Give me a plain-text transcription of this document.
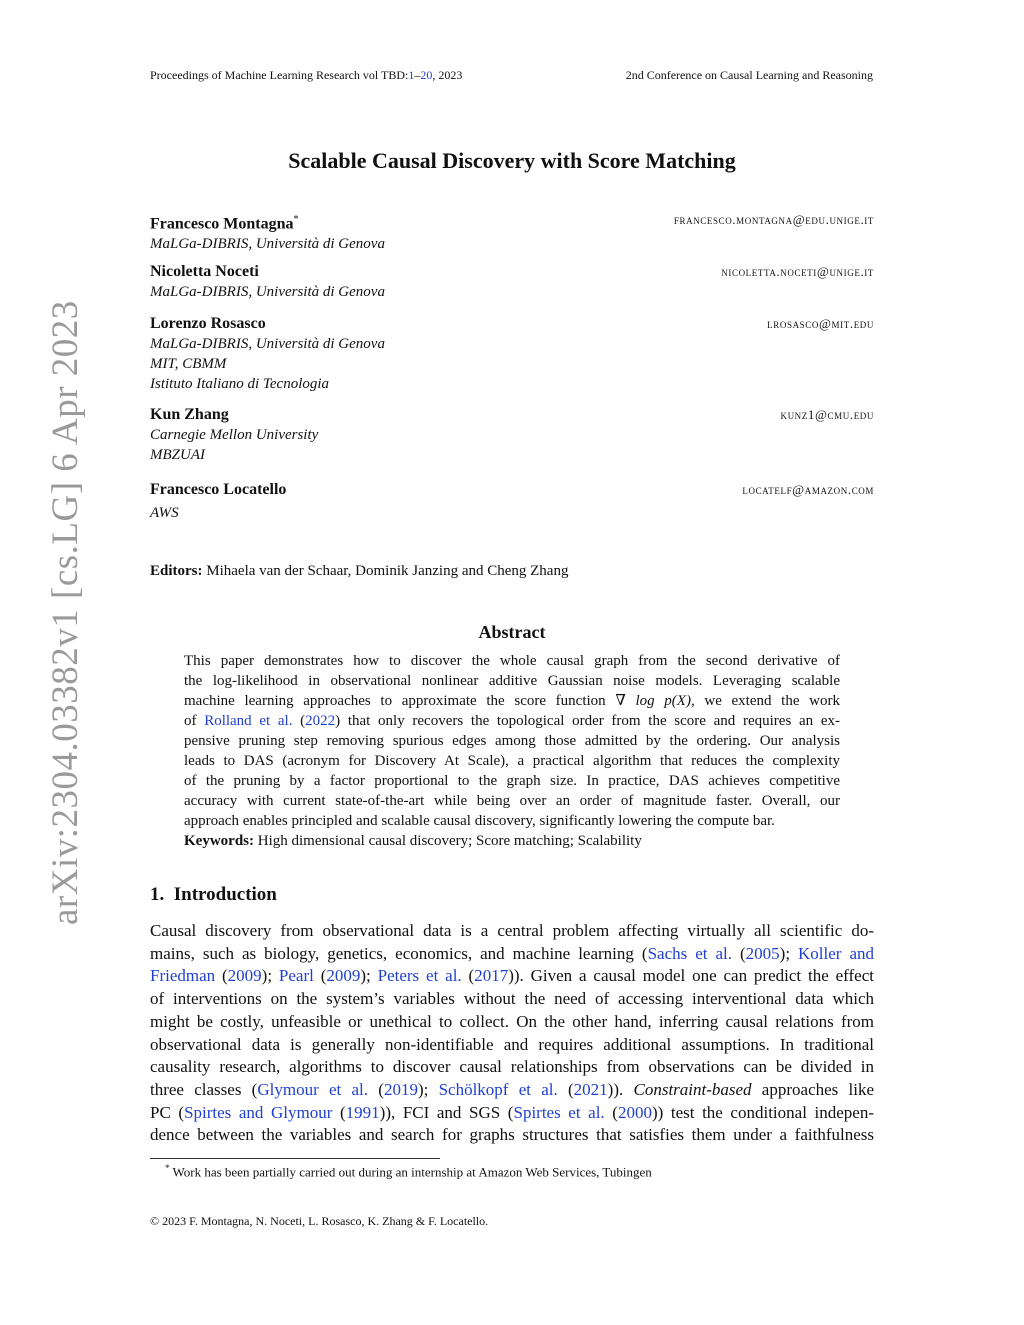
Proceedings of Machine Learning Research vol TBD:1–20, 2023	2nd Conference on Causal Learning and Reasoning
arXiv:2304.03382v1 [cs.LG] 6 Apr 2023
Scalable Causal Discovery with Score Matching
Francesco Montagna*
MaLGa-DIBRIS, Università di Genova
francesco.montagna@edu.unige.it
Nicoletta Noceti
MaLGa-DIBRIS, Università di Genova
nicoletta.noceti@unige.it
Lorenzo Rosasco
MaLGa-DIBRIS, Università di Genova
MIT, CBMM
Istituto Italiano di Tecnologia
lrosasco@mit.edu
Kun Zhang
Carnegie Mellon University
MBZUAI
kunz1@cmu.edu
Francesco Locatello
AWS
locatelf@amazon.com
Editors: Mihaela van der Schaar, Dominik Janzing and Cheng Zhang
Abstract
This paper demonstrates how to discover the whole causal graph from the second derivative of
the log-likelihood in observational nonlinear additive Gaussian noise models. Leveraging scalable
machine learning approaches to approximate the score function ∇ log p(X), we extend the work
of Rolland et al. (2022) that only recovers the topological order from the score and requires an ex-
pensive pruning step removing spurious edges among those admitted by the ordering. Our analysis
leads to DAS (acronym for Discovery At Scale), a practical algorithm that reduces the complexity
of the pruning by a factor proportional to the graph size. In practice, DAS achieves competitive
accuracy with current state-of-the-art while being over an order of magnitude faster. Overall, our
approach enables principled and scalable causal discovery, significantly lowering the compute bar.
Keywords: High dimensional causal discovery; Score matching; Scalability
1. Introduction
Causal discovery from observational data is a central problem affecting virtually all scientific do-
mains, such as biology, genetics, economics, and machine learning (Sachs et al. (2005); Koller and
Friedman (2009); Pearl (2009); Peters et al. (2017)). Given a causal model one can predict the effect
of interventions on the system’s variables without the need of accessing interventional data which
might be costly, unfeasible or unethical to collect. On the other hand, inferring causal relations from
observational data is generally non-identifiable and requires additional assumptions. In traditional
causality research, algorithms to discover causal relationships from observations can be divided in
three classes (Glymour et al. (2019); Schölkopf et al. (2021)). Constraint-based approaches like
PC (Spirtes and Glymour (1991)), FCI and SGS (Spirtes et al. (2000)) test the conditional indepen-
dence between the variables and search for graphs structures that satisfies them under a faithfulness
* Work has been partially carried out during an internship at Amazon Web Services, Tubingen
© 2023 F. Montagna, N. Noceti, L. Rosasco, K. Zhang & F. Locatello.
